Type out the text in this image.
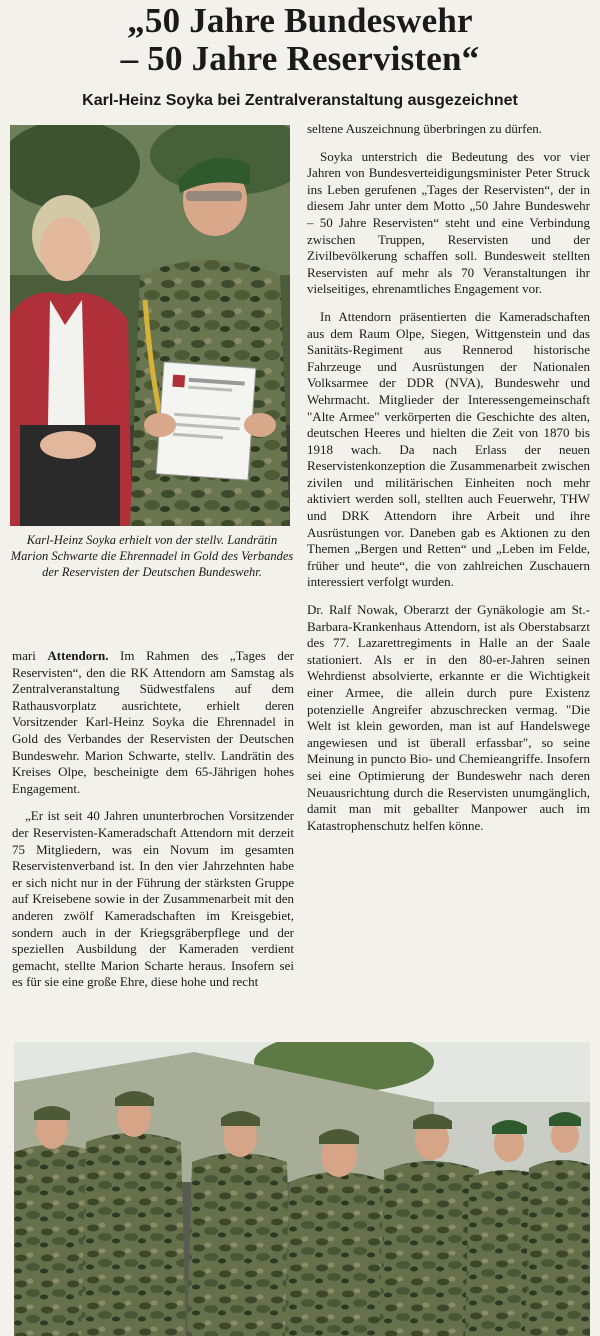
„50 Jahre Bundeswehr
– 50 Jahre Reservisten“
Karl-Heinz Soyka bei Zentralveranstaltung ausgezeichnet
Karl-Heinz Soyka erhielt von der stellv. Landrätin Marion Schwarte die Ehrennadel in Gold des Verbandes der Reservisten der Deutschen Bundeswehr.

mari Attendorn. Im Rahmen des „Tages der Reservisten“, den die RK Attendorn am Samstag als Zentralveranstaltung Südwestfalens auf dem Rathausvorplatz ausrichtete, erhielt deren Vorsitzender Karl-Heinz Soyka die Ehrennadel in Gold des Verbandes der Reservisten der Deutschen Bundeswehr. Marion Schwarte, stellv. Landrätin des Kreises Olpe, bescheinigte dem 65-Jährigen hohes Engagement.

„Er ist seit 40 Jahren ununterbrochen Vorsitzender der Reservisten-Kameradschaft Attendorn mit derzeit 75 Mitgliedern, was ein Novum im gesamten Reservistenverband ist. In den vier Jahrzehnten habe er sich nicht nur in der Führung der stärksten Gruppe auf Kreisebene sowie in der Zusammenarbeit mit den anderen zwölf Kameradschaften im Kreisgebiet, sondern auch in der Kriegsgräberpflege und der speziellen Ausbildung der Kameraden verdient gemacht, stellte Marion Scharte heraus. Insofern sei es für sie eine große Ehre, diese hohe und recht

seltene Auszeichnung überbringen zu dürfen.

Soyka unterstrich die Bedeutung des vor vier Jahren von Bundesverteidigungsminister Peter Struck ins Leben gerufenen „Tages der Reservisten“, der in diesem Jahr unter dem Motto „50 Jahre Bundeswehr – 50 Jahre Reservisten“ steht und eine Verbindung zwischen Truppen, Reservisten und der Zivilbevölkerung schaffen soll. Bundesweit stellten Reservisten auf mehr als 70 Veranstaltungen ihr vielseitiges, ehrenamtliches Engagement vor.

In Attendorn präsentierten die Kameradschaften aus dem Raum Olpe, Siegen, Wittgenstein und das Sanitäts-Regiment aus Rennerod historische Fahrzeuge und Ausrüstungen der Nationalen Volksarmee der DDR (NVA), Bundeswehr und Wehrmacht. Mitglieder der Interessengemeinschaft "Alte Armee" verkörperten die Geschichte des alten, deutschen Heeres und hielten die Zeit von 1870 bis 1918 wach. Da nach Erlass der neuen Reservistenkonzeption die Zusammenarbeit zwischen zivilen und militärischen Einheiten noch mehr aktiviert werden soll, stellten auch Feuerwehr, THW und DRK Attendorn ihre Arbeit und ihre Ausrüstungen vor. Daneben gab es Aktionen zu den Themen „Bergen und Retten“ und „Leben im Felde, früher und heute“, die von zahlreichen Zuschauern interessiert verfolgt wurden.

Dr. Ralf Nowak, Oberarzt der Gynäkologie am St.-Barbara-Krankenhaus Attendorn, ist als Oberstabsarzt des 77. Lazarettregiments in Halle an der Saale stationiert. Als er in den 80-er-Jahren seinen Wehrdienst absolvierte, erkannte er die Wichtigkeit einer Armee, die allein durch pure Existenz potenzielle Angreifer abzuschrecken vermag. "Die Welt ist klein geworden, man ist auf Handelswege angewiesen und ist überall erfassbar", so seine Meinung in puncto Bio- und Chemieangriffe. Insofern sei eine Optimierung der Bundeswehr nach deren Neuausrichtung durch die Reservisten unumgänglich, damit man mit geballter Manpower auch im Katastrophenschutz helfen könne.
